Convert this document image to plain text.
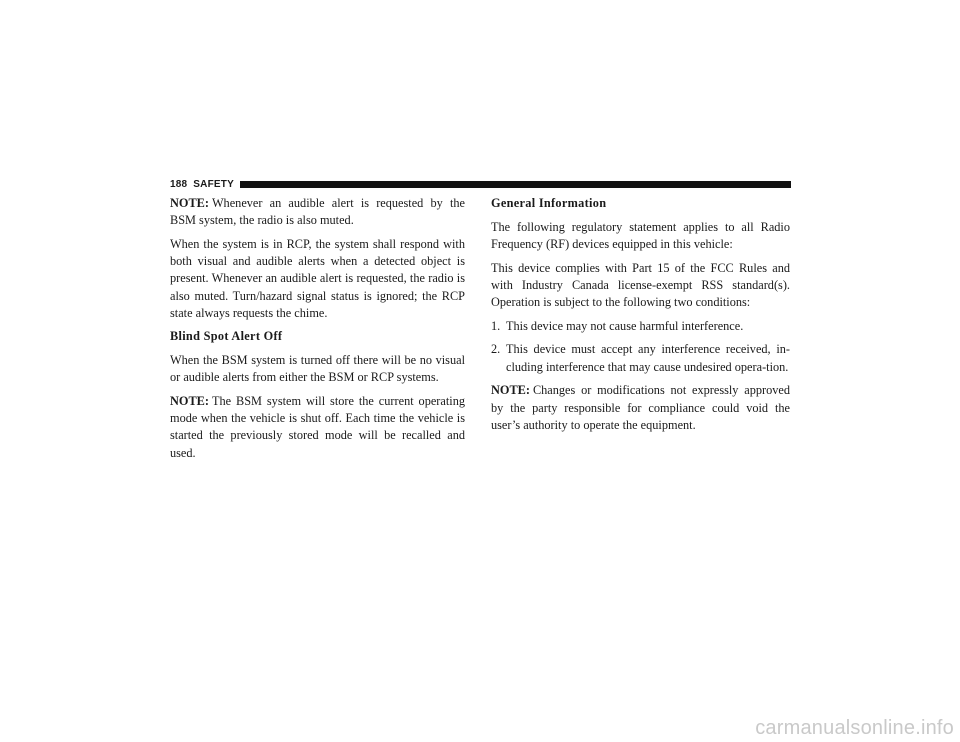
188 SAFETY

NOTE: Whenever an audible alert is requested by the BSM system, the radio is also muted.

When the system is in RCP, the system shall respond with both visual and audible alerts when a detected object is present. Whenever an audible alert is requested, the radio is also muted. Turn/hazard signal status is ignored; the RCP state always requests the chime.

Blind Spot Alert Off

When the BSM system is turned off there will be no visual or audible alerts from either the BSM or RCP systems.

NOTE: The BSM system will store the current operating mode when the vehicle is shut off. Each time the vehicle is started the previously stored mode will be recalled and used.

General Information

The following regulatory statement applies to all Radio Frequency (RF) devices equipped in this vehicle:

This device complies with Part 15 of the FCC Rules and with Industry Canada license-exempt RSS standard(s). Operation is subject to the following two conditions:

1. This device may not cause harmful interference.

2. This device must accept any interference received, in-cluding interference that may cause undesired opera-tion.

NOTE: Changes or modifications not expressly approved by the party responsible for compliance could void the user’s authority to operate the equipment.

carmanualsonline.info
